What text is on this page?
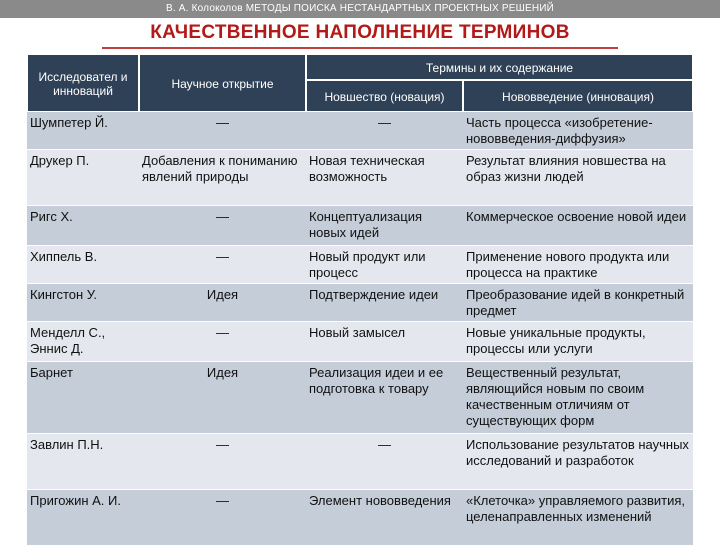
В. А. Колоколов МЕТОДЫ ПОИСКА НЕСТАНДАРТНЫХ ПРОЕКТНЫХ РЕШЕНИЙ
КАЧЕСТВЕННОЕ НАПОЛНЕНИЕ ТЕРМИНОВ
Исследовател и инноваций	Научное открытие	Термины и их содержание	
		Новшество (новация)	Нововведение (инновация)
Шумпетер Й.	—	—	Часть процесса «изобретение-нововведения-диффузия»
Друкер П.	Добавления к пониманию явлений природы	Новая техническая возможность	Результат влияния новшества на образ жизни людей
Ригс Х.	—	Концептуализация новых идей	Коммерческое освоение новой идеи
Хиппель В.	—	Новый продукт или процесс	Применение нового продукта или процесса на практике
Кингстон У.	Идея	Подтверждение идеи	Преобразование идей в конкретный предмет
Менделл С., Эннис Д.	—	Новый замысел	Новые уникальные продукты, процессы или услуги
Барнет	Идея	Реализация идеи и ее подготовка к товару	Вещественный результат, являющийся новым по своим качественным отличиям от существующих форм
Завлин П.Н.	—	—	Использование результатов научных исследований и разработок
Пригожин А. И.	—	Элемент нововведения	«Клеточка» управляемого развития, целенаправленных изменений
